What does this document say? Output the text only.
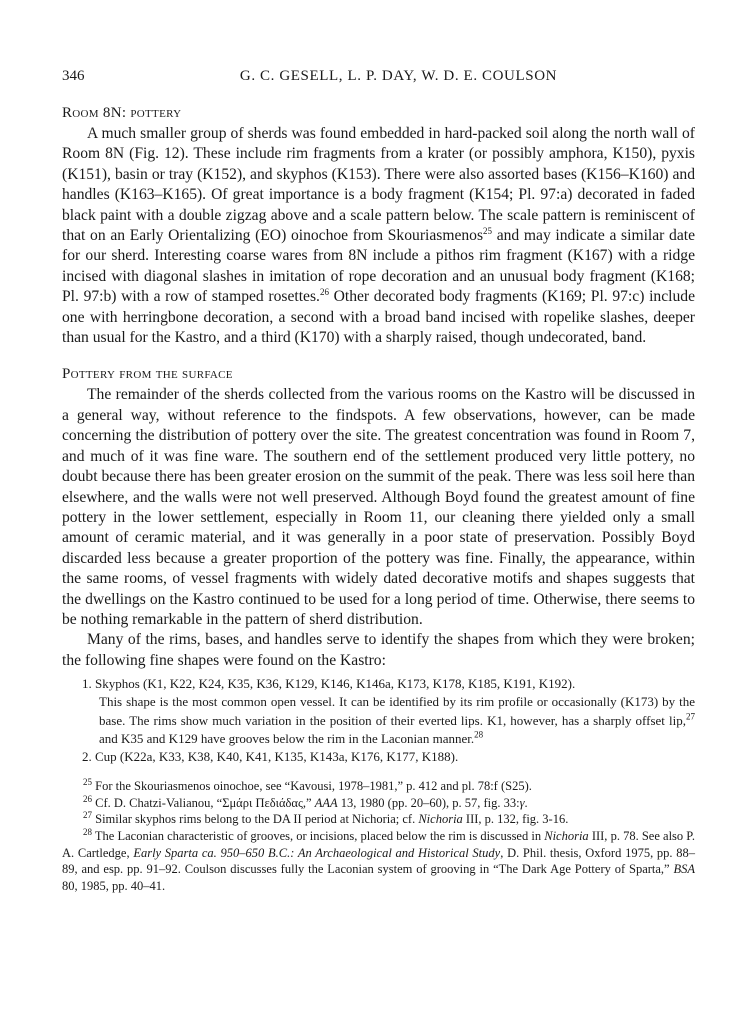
346	G. C. GESELL, L. P. DAY, W. D. E. COULSON
Room 8N: pottery

A much smaller group of sherds was found embedded in hard-packed soil along the north wall of Room 8N (Fig. 12). These include rim fragments from a krater (or possibly amphora, K150), pyxis (K151), basin or tray (K152), and skyphos (K153). There were also assorted bases (K156–K160) and handles (K163–K165). Of great importance is a body fragment (K154; Pl. 97:a) decorated in faded black paint with a double zigzag above and a scale pattern below. The scale pattern is reminiscent of that on an Early Orientalizing (EO) oinochoe from Skouriasmenos$^{25}$ and may indicate a similar date for our sherd. Interesting coarse wares from 8N include a pithos rim fragment (K167) with a ridge incised with diagonal slashes in imitation of rope decoration and an unusual body fragment (K168; Pl. 97:b) with a row of stamped rosettes.$^{26}$ Other decorated body fragments (K169; Pl. 97:c) include one with herringbone decoration, a second with a broad band incised with ropelike slashes, deeper than usual for the Kastro, and a third (K170) with a sharply raised, though undecorated, band.

Pottery from the surface

The remainder of the sherds collected from the various rooms on the Kastro will be discussed in a general way, without reference to the findspots. A few observations, however, can be made concerning the distribution of pottery over the site. The greatest concentration was found in Room 7, and much of it was fine ware. The southern end of the settlement produced very little pottery, no doubt because there has been greater erosion on the summit of the peak. There was less soil here than elsewhere, and the walls were not well preserved. Although Boyd found the greatest amount of fine pottery in the lower settlement, especially in Room 11, our cleaning there yielded only a small amount of ceramic material, and it was generally in a poor state of preservation. Possibly Boyd discarded less because a greater proportion of the pottery was fine. Finally, the appearance, within the same rooms, of vessel fragments with widely dated decorative motifs and shapes suggests that the dwellings on the Kastro continued to be used for a long period of time. Otherwise, there seems to be nothing remarkable in the pattern of sherd distribution.

Many of the rims, bases, and handles serve to identify the shapes from which they were broken; the following fine shapes were found on the Kastro:

1. Skyphos (K1, K22, K24, K35, K36, K129, K146, K146a, K173, K178, K185, K191, K192).
This shape is the most common open vessel. It can be identified by its rim profile or occasionally (K173) by the base. The rims show much variation in the position of their everted lips. K1, however, has a sharply offset lip,$^{27}$ and K35 and K129 have grooves below the rim in the Laconian manner.$^{28}$
2. Cup (K22a, K33, K38, K40, K41, K135, K143a, K176, K177, K188).

$^{25}$ For the Skouriasmenos oinochoe, see “Kavousi, 1978–1981,” p. 412 and pl. 78:f (S25).

$^{26}$ Cf. D. Chatzi-Valianou, “Σμάρι Πεδιάδας,” AAA 13, 1980 (pp. 20–60), p. 57, fig. 33:γ.

$^{27}$ Similar skyphos rims belong to the DA II period at Nichoria; cf. Nichoria III, p. 132, fig. 3-16.

$^{28}$ The Laconian characteristic of grooves, or incisions, placed below the rim is discussed in Nichoria III, p. 78. See also P. A. Cartledge, Early Sparta ca. 950–650 B.C.: An Archaeological and Historical Study, D. Phil. thesis, Oxford 1975, pp. 88–89, and esp. pp. 91–92. Coulson discusses fully the Laconian system of grooving in “The Dark Age Pottery of Sparta,” BSA 80, 1985, pp. 40–41.
